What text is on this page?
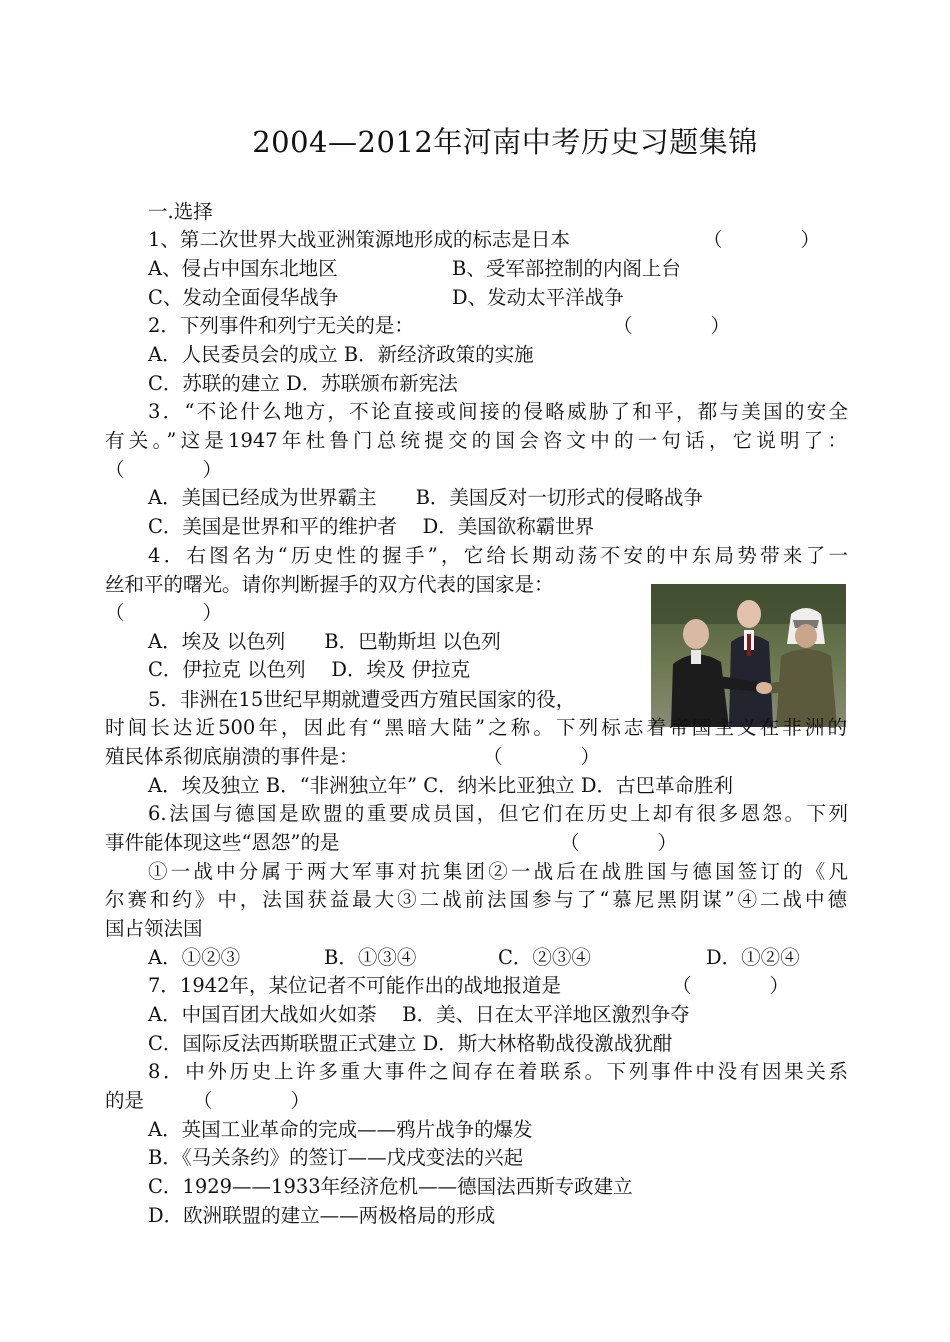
2004—2012年河南中考历史习题集锦
一.选择
1、第二次世界大战亚洲策源地形成的标志是日本	（　　　　）
A、侵占中国东北地区	B、受军部控制的内阁上台
C、发动全面侵华战争	D、发动太平洋战争
2．下列事件和列宁无关的是：	（　　　　）
A．人民委员会的成立 B．新经济政策的实施
C．苏联的建立 D．苏联颁布新宪法
3．“不论什么地方，不论直接或间接的侵略威胁了和平，都与美国的安全
有关。”这是1947年杜鲁门总统提交的国会咨文中的一句话，它说明了：
（　　　　）
A．美国已经成为世界霸主　　B．美国反对一切形式的侵略战争
C．美国是世界和平的维护者　 D．美国欲称霸世界
4．右图名为“历史性的握手”，它给长期动荡不安的中东局势带来了一
丝和平的曙光。请你判断握手的双方代表的国家是：
（　　　　）
A．埃及 以色列　　B．巴勒斯坦 以色列
C．伊拉克 以色列　 D．埃及 伊拉克
5．非洲在15世纪早期就遭受西方殖民国家的役，
时间长达近500年，因此有“黑暗大陆”之称。下列标志着帝国主义在非洲的
殖民体系彻底崩溃的事件是：	（　　　　）
A．埃及独立 B．“非洲独立年” C．纳米比亚独立 D．古巴革命胜利
6.法国与德国是欧盟的重要成员国，但它们在历史上却有很多恩怨。下列
事件能体现这些“恩怨”的是	（　　　　）
①一战中分属于两大军事对抗集团②一战后在战胜国与德国签订的《凡
尔赛和约》中，法国获益最大③二战前法国参与了“慕尼黑阴谋”④二战中德
国占领法国
A．①②③	B．①③④	C．②③④	D．①②④
7．1942年，某位记者不可能作出的战地报道是	（　　　　）
A．中国百团大战如火如荼　 B．美、日在太平洋地区激烈争夺
C．国际反法西斯联盟正式建立 D．斯大林格勒战役激战犹酣
8．中外历史上许多重大事件之间存在着联系。下列事件中没有因果关系
的是	（　　　　）
A．英国工业革命的完成——鸦片战争的爆发
B．《马关条约》的签订——戊戌变法的兴起
C．1929——1933年经济危机——德国法西斯专政建立
D．欧洲联盟的建立——两极格局的形成
